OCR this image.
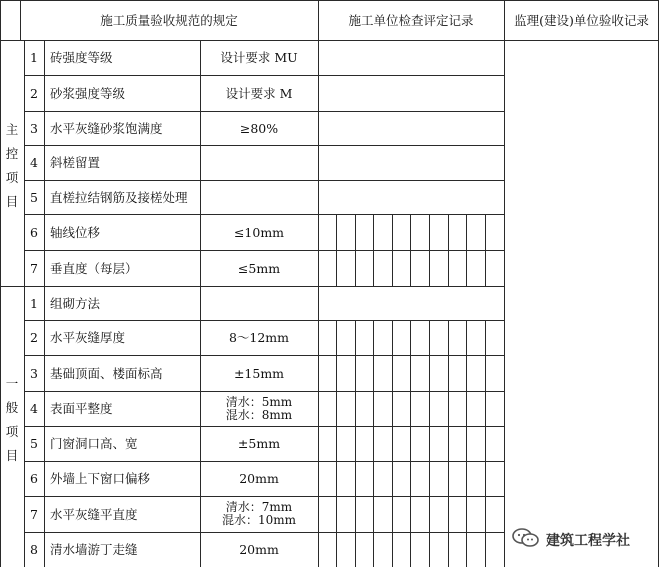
施工质量验收规范的规定	施工单位检查评定记录	监理(建设)单位验收记录
主
控
项
目
一
般
项
目
1 砖强度等级	设计要求 MU
2 砂浆强度等级	设计要求 M
3 水平灰缝砂浆饱满度	≥80%
4 斜槎留置
5 直槎拉结钢筋及接槎处理
6 轴线位移	≤10mm
7 垂直度（每层）	≤5mm
1 组砌方法
2 水平灰缝厚度	8～12mm
3 基础顶面、楼面标高	±15mm
4 表面平整度	清水：5mm
混水：8mm
5 门窗洞口高、宽	±5mm
6 外墙上下窗口偏移	20mm
7 水平灰缝平直度	清水：7mm
混水：10mm
8 清水墙游丁走缝	20mm
建筑工程学社
